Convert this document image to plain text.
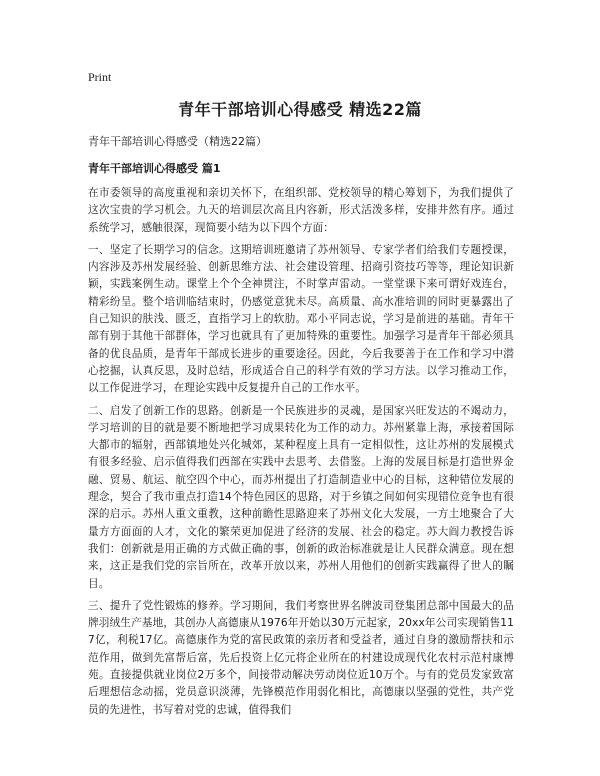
Print
青年干部培训心得感受 精选22篇
青年干部培训心得感受（精选22篇）
青年干部培训心得感受 篇1

在市委领导的高度重视和亲切关怀下，在组织部、党校领导的精心筹划下，为我们提供了这次宝贵的学习机会。九天的培训层次高且内容新，形式活泼多样，安排井然有序。通过系统学习，感触很深，现简要小结为以下四个方面：

一、坚定了长期学习的信念。这期培训班邀请了苏州领导、专家学者们给我们专题授课，内容涉及苏州发展经验、创新思维方法、社会建设管理、招商引资技巧等等，理论知识新颖，实践案例生动。课堂上个个全神贯注，不时掌声雷动。一堂堂课下来可谓好戏连台，精彩纷呈。整个培训临结束时，仍感觉意犹未尽。高质量、高水准培训的同时更暴露出了自己知识的肤浅、匮乏，直指学习上的软肋。邓小平同志说，学习是前进的基础。青年干部有别于其他干部群体，学习也就具有了更加特殊的重要性。加强学习是青年干部必须具备的优良品质，是青年干部成长进步的重要途径。因此，今后我要善于在工作和学习中潜心挖掘，认真反思，及时总结，形成适合自己的科学有效的学习方法。以学习推动工作，以工作促进学习，在理论实践中反复提升自己的工作水平。

二、启发了创新工作的思路。创新是一个民族进步的灵魂，是国家兴旺发达的不竭动力，学习培训的目的就是要不断地把学习成果转化为工作的动力。苏州紧靠上海，承接着国际大都市的辐射，西部镇地处兴化城郊，某种程度上具有一定相似性，这让苏州的发展模式有很多经验、启示值得我们西部在实践中去思考、去借鉴。上海的发展目标是打造世界金融、贸易、航运、航空四个中心，而苏州提出了打造制造业中心的目标，这种错位发展的理念，契合了我市重点打造14个特色园区的思路，对于乡镇之间如何实现错位竞争也有很深的启示。苏州人重文重教，这种前瞻性思路迎来了苏州文化大发展，一方土地聚合了大量方方面面的人才，文化的繁荣更加促进了经济的发展、社会的稳定。苏大阎力教授告诉我们：创新就是用正确的方式做正确的事，创新的政治标准就是让人民群众满意。现在想来，这正是我们党的宗旨所在，改革开放以来，苏州人用他们的创新实践赢得了世人的瞩目。

三、提升了党性锻炼的修养。学习期间，我们考察世界名牌波司登集团总部中国最大的品牌羽绒生产基地，其创办人高德康从1976年开始以30万元起家，20xx年公司实现销售117亿，利税17亿。高德康作为党的富民政策的亲历者和受益者，通过自身的激励帮扶和示范作用，做到先富帮后富，先后投资上亿元将企业所在的村建设成现代化农村示范村康博苑。直接提供就业岗位2万多个，间接带动解决劳动岗位近10万个。与有的党员发家致富后理想信念动摇，党员意识淡薄，先锋模范作用弱化相比，高德康以坚强的党性，共产党员的先进性，书写着对党的忠诚，值得我们
